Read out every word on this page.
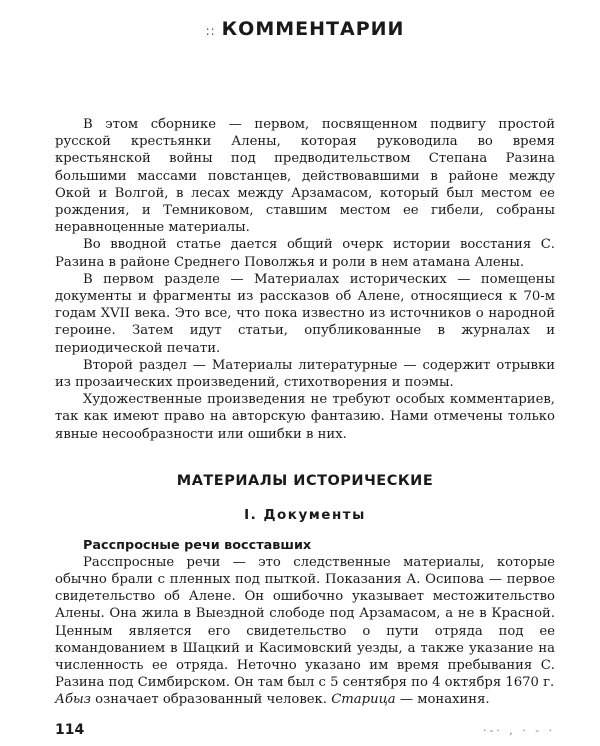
:: КОММЕНТАРИИ

В этом сборнике — первом, посвященном подвигу простой русской крестьянки Алены, которая руководила во время крестьянской войны под предводительством Степана Разина большими массами повстанцев, действовавшими в районе между Окой и Волгой, в лесах между Арзамасом, который был местом ее рождения, и Темниковом, ставшим местом ее гибели, собраны неравноценные материалы.

Во вводной статье дается общий очерк истории восстания С. Разина в районе Среднего Поволжья и роли в нем атамана Алены.

В первом разделе — Материалах исторических — помещены документы и фрагменты из рассказов об Алене, относящиеся к 70-м годам XVII века. Это все, что пока известно из источников о народной героине. Затем идут статьи, опубликованные в журналах и периодической печати.

Второй раздел — Материалы литературные — содержит отрывки из прозаических произведений, стихотворения и поэмы.

Художественные произведения не требуют особых комментариев, так как имеют право на авторскую фантазию. Нами отмечены только явные несообразности или ошибки в них.

МАТЕРИАЛЫ ИСТОРИЧЕСКИЕ
I. Документы
Расспросные речи восставших

Расспросные речи — это следственные материалы, которые обычно брали с пленных под пыткой. Показания А. Осипова — первое свидетельство об Алене. Он ошибочно указывает местожительство Алены. Она жила в Выездной слободе под Арзамасом, а не в Красной. Ценным является его свидетельство о пути отряда под ее командованием в Шацкий и Касимовский уезды, а также указание на численность ее отряда. Неточно указано им время пребывания С. Разина под Симбирском. Он там был с 5 сентября по 4 октября 1670 г.

Абыз означает образованный человек. Старица — монахиня.

114	·-· , · - ·
